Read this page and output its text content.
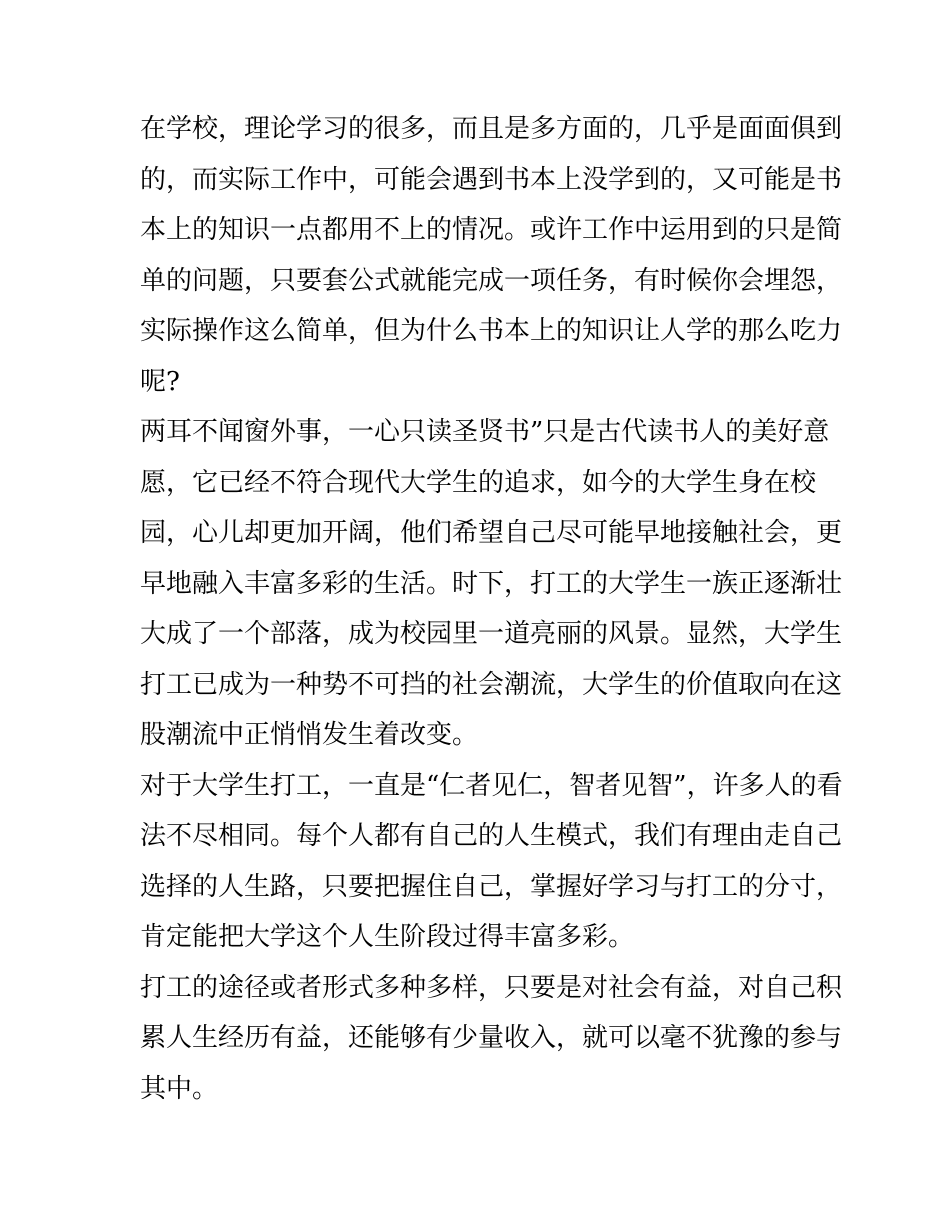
在学校，理论学习的很多，而且是多方面的，几乎是面面俱到
的，而实际工作中，可能会遇到书本上没学到的，又可能是书
本上的知识一点都用不上的情况。或许工作中运用到的只是简
单的问题，只要套公式就能完成一项任务，有时候你会埋怨，
实际操作这么简单，但为什么书本上的知识让人学的那么吃力
呢?
两耳不闻窗外事，一心只读圣贤书”只是古代读书人的美好意
愿，它已经不符合现代大学生的追求，如今的大学生身在校
园，心儿却更加开阔，他们希望自己尽可能早地接触社会，更
早地融入丰富多彩的生活。时下，打工的大学生一族正逐渐壮
大成了一个部落，成为校园里一道亮丽的风景。显然，大学生
打工已成为一种势不可挡的社会潮流，大学生的价值取向在这
股潮流中正悄悄发生着改变。
对于大学生打工，一直是“仁者见仁，智者见智”，许多人的看
法不尽相同。每个人都有自己的人生模式，我们有理由走自己
选择的人生路，只要把握住自己，掌握好学习与打工的分寸，
肯定能把大学这个人生阶段过得丰富多彩。
打工的途径或者形式多种多样，只要是对社会有益，对自己积
累人生经历有益，还能够有少量收入，就可以毫不犹豫的参与
其中。
